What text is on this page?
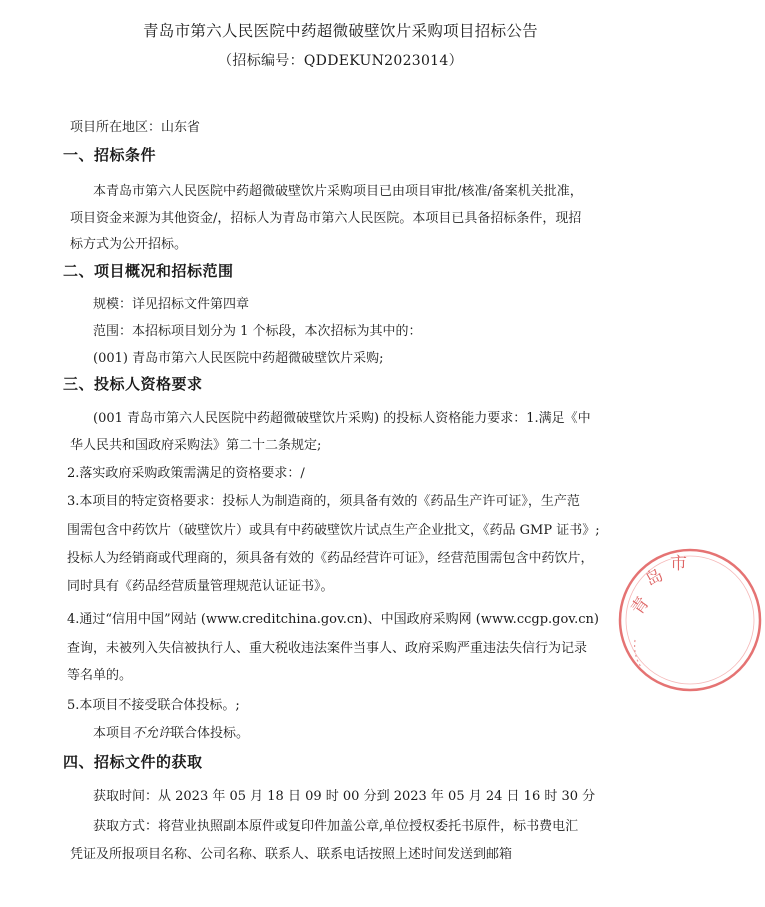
青岛市第六人民医院中药超微破壁饮片采购项目招标公告
（招标编号：QDDEKUN2023014）
项目所在地区：山东省
一、招标条件
本青岛市第六人民医院中药超微破壁饮片采购项目已由项目审批/核准/备案机关批准，
项目资金来源为其他资金/，招标人为青岛市第六人民医院。本项目已具备招标条件，现招
标方式为公开招标。
二、项目概况和招标范围
规模：详见招标文件第四章
范围：本招标项目划分为 1 个标段，本次招标为其中的：
(001) 青岛市第六人民医院中药超微破壁饮片采购;
三、投标人资格要求
(001 青岛市第六人民医院中药超微破壁饮片采购) 的投标人资格能力要求：1.满足《中
华人民共和国政府采购法》第二十二条规定;
2.落实政府采购政策需满足的资格要求：/
3.本项目的特定资格要求：投标人为制造商的，须具备有效的《药品生产许可证》，生产范
围需包含中药饮片（破壁饮片）或具有中药破壁饮片试点生产企业批文，《药品 GMP 证书》;
投标人为经销商或代理商的，须具备有效的《药品经营许可证》，经营范围需包含中药饮片，
同时具有《药品经营质量管理规范认证证书》。
4.通过“信用中国”网站 (www.creditchina.gov.cn)、中国政府采购网 (www.ccgp.gov.cn)
查询，未被列入失信被执行人、重大税收违法案件当事人、政府采购严重违法失信行为记录
等名单的。
5.本项目不接受联合体投标。;
本项目不允许联合体投标。
四、招标文件的获取
获取时间：从 2023 年 05 月 18 日 09 时 00 分到 2023 年 05 月 24 日 16 时 30 分
获取方式：将营业执照副本原件或复印件加盖公章,单位授权委托书原件，标书费电汇
凭证及所报项目名称、公司名称、联系人、联系电话按照上述时间发送到邮箱
青
岛
市
